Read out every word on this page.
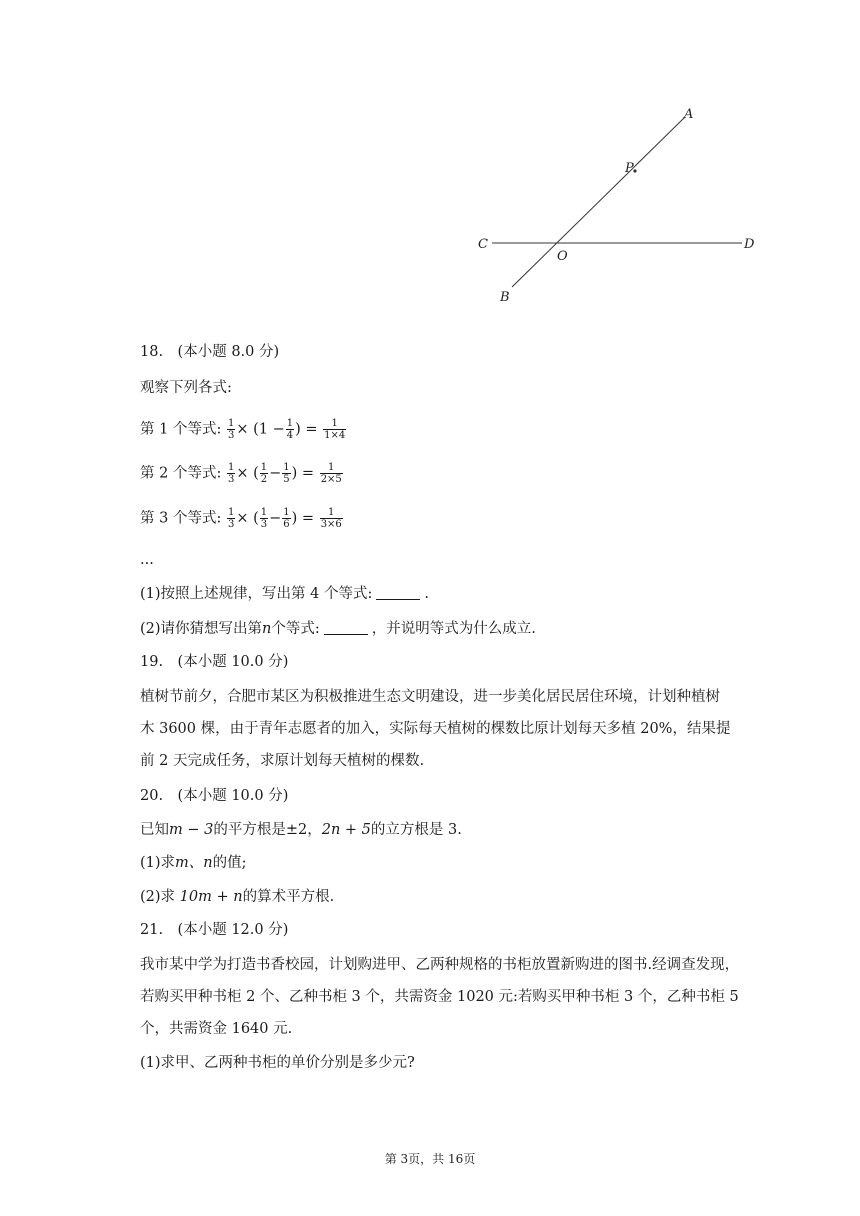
A
P
C
O
D
B
18.　(本小题 8.0 分)
观察下列各式:
第 1 个等式: $\frac{1}{3} \times (1 - \frac{1}{4}$ ) = $\frac{1}{1\times 4}$
第 2 个等式: $\frac{1}{3}$ × ( $\frac{1}{2} - \frac{1}{5}$ ) = $\frac{1}{2\times 5}$
第 3 个等式: $\frac{1}{3}$ × ( $\frac{1}{3} - \frac{1}{6}$ ) = $\frac{1}{3\times 6}$
...
(1)按照上述规律，写出第 4 个等式:	.
(2)请你猜想写出第n个等式:	，并说明等式为什么成立.
19.　(本小题 10.0 分)
植树节前夕，合肥市某区为积极推进生态文明建设，进一步美化居民居住环境，计划种植树
木 3600 棵，由于青年志愿者的加入，实际每天植树的棵数比原计划每天多植 20%，结果提
前 2 天完成任务，求原计划每天植树的棵数.
20.　(本小题 10.0 分)
已知m − 3的平方根是±2，2n + 5的立方根是 3.
(1)求m、n的值;
(2)求 10m + n的算术平方根.
21.　(本小题 12.0 分)
我市某中学为打造书香校园，计划购进甲、乙两种规格的书柜放置新购进的图书.经调查发现，
若购买甲种书柜 2 个、乙种书柜 3 个，共需资金 1020 元:若购买甲种书柜 3 个，乙种书柜 5
个，共需资金 1640 元.
(1)求甲、乙两种书柜的单价分别是多少元?
第 3页，共 16页
